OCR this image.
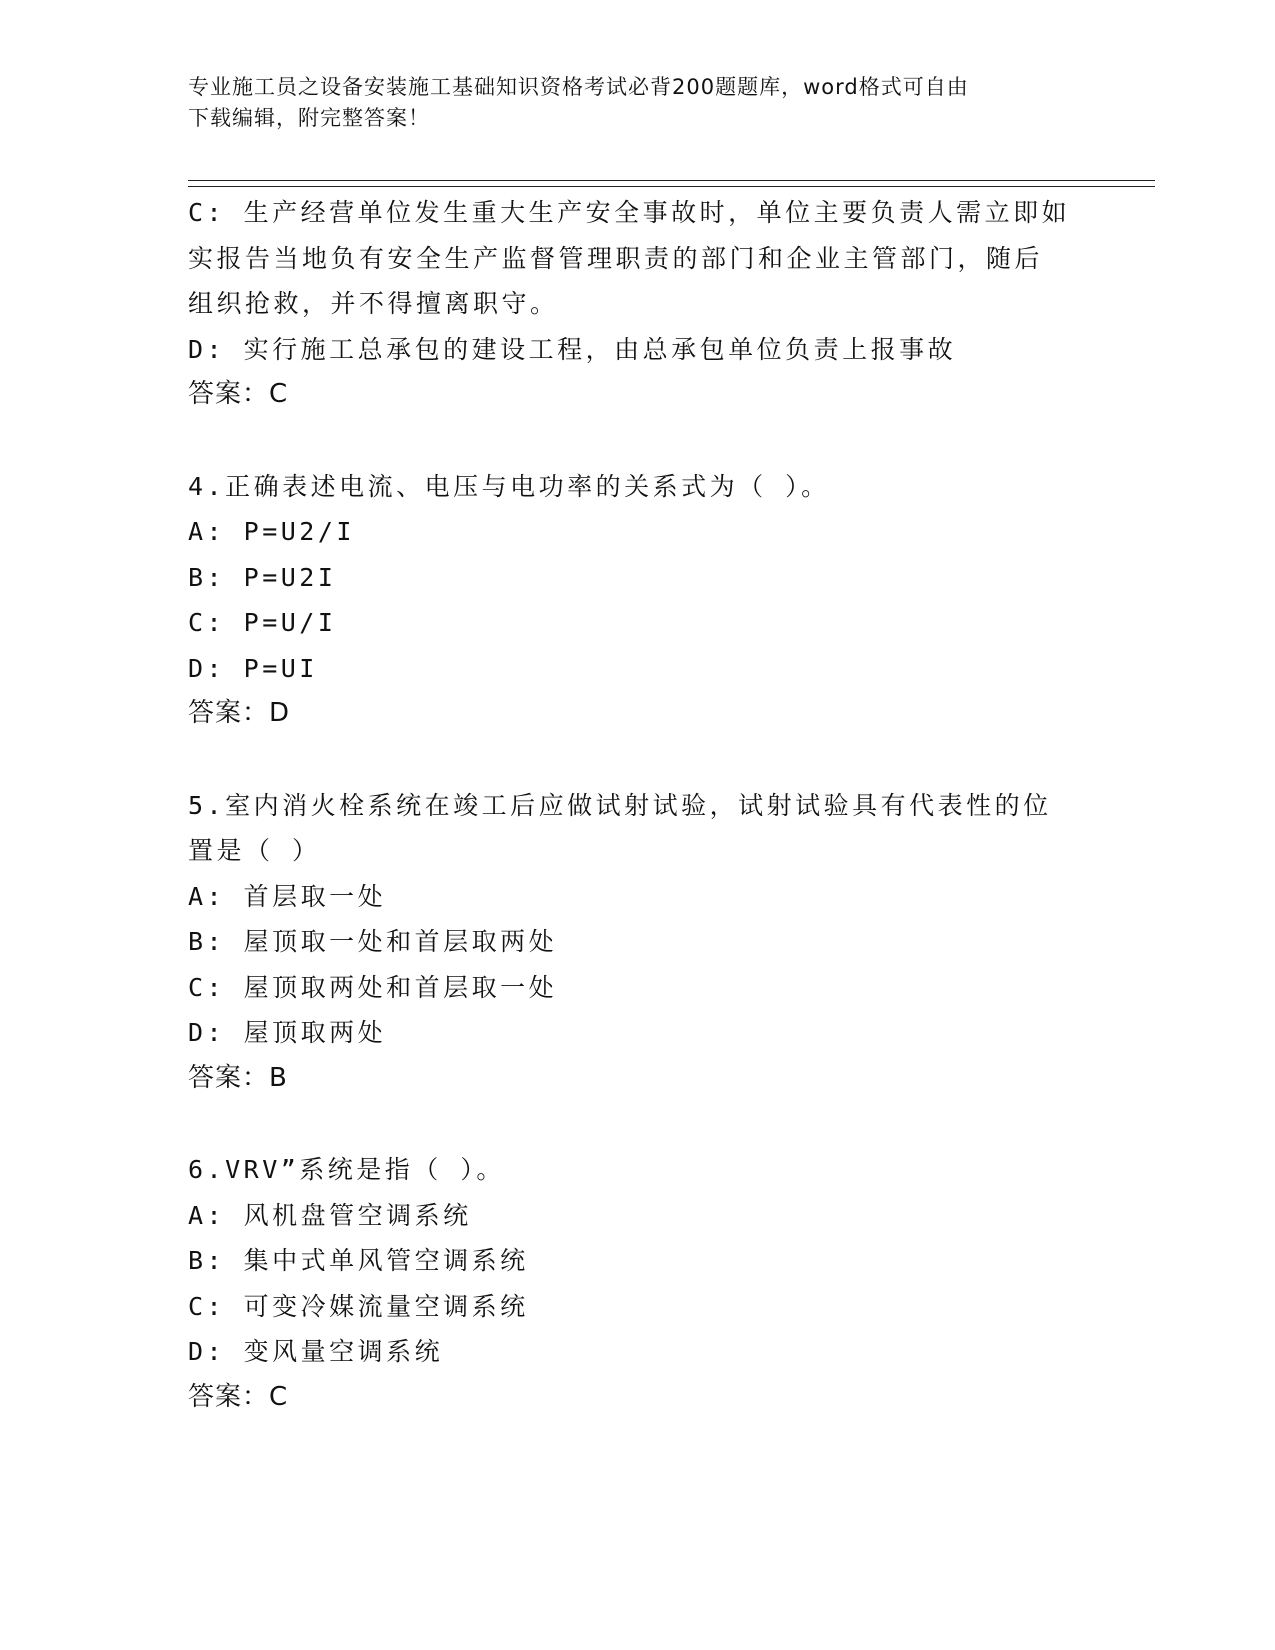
专业施工员之设备安装施工基础知识资格考试必背200题题库，word格式可自由
下载编辑，附完整答案！
C: 生产经营单位发生重大生产安全事故时，单位主要负责人需立即如
实报告当地负有安全生产监督管理职责的部门和企业主管部门，随后
组织抢救，并不得擅离职守。
D: 实行施工总承包的建设工程，由总承包单位负责上报事故
答案：C
4.正确表述电流、电压与电功率的关系式为（ ）。
A: P=U2/I
B: P=U2I
C: P=U/I
D: P=UI
答案：D
5.室内消火栓系统在竣工后应做试射试验，试射试验具有代表性的位
置是（ ）
A: 首层取一处
B: 屋顶取一处和首层取两处
C: 屋顶取两处和首层取一处
D: 屋顶取两处
答案：B
6.VRV”系统是指（ ）。
A: 风机盘管空调系统
B: 集中式单风管空调系统
C: 可变冷媒流量空调系统
D: 变风量空调系统
答案：C
